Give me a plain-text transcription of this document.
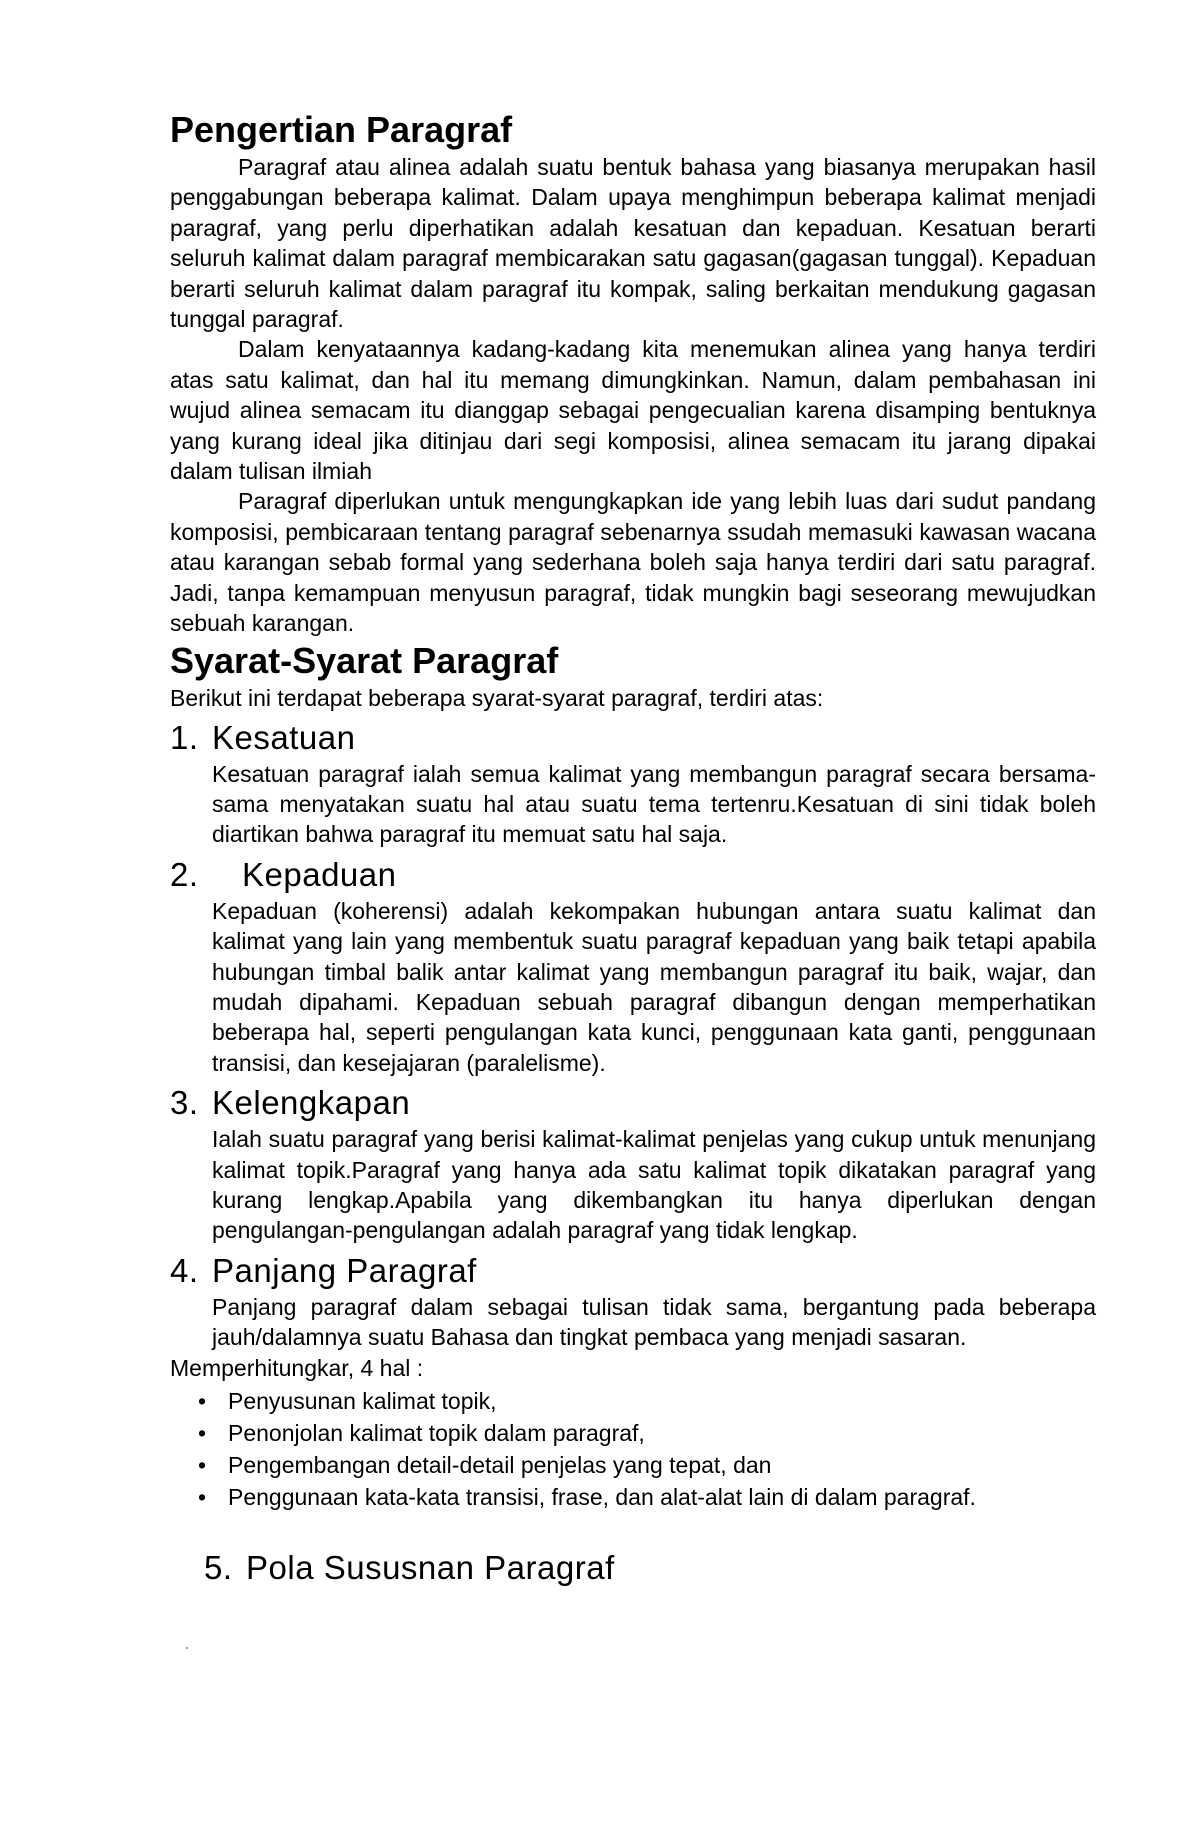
Pengertian Paragraf

Paragraf atau alinea adalah suatu bentuk bahasa yang biasanya merupakan hasil penggabungan beberapa kalimat. Dalam upaya menghimpun beberapa kalimat menjadi paragraf, yang perlu diperhatikan adalah kesatuan dan kepaduan. Kesatuan berarti seluruh kalimat dalam paragraf membicarakan satu gagasan(gagasan tunggal). Kepaduan berarti seluruh kalimat dalam paragraf itu kompak, saling berkaitan mendukung gagasan tunggal paragraf.

Dalam kenyataannya kadang-kadang kita menemukan alinea yang hanya terdiri atas satu kalimat, dan hal itu memang dimungkinkan. Namun, dalam pembahasan ini wujud alinea semacam itu dianggap sebagai pengecualian karena disamping bentuknya yang kurang ideal jika ditinjau dari segi komposisi, alinea semacam itu jarang dipakai dalam tulisan ilmiah

Paragraf diperlukan untuk mengungkapkan ide yang lebih luas dari sudut pandang komposisi, pembicaraan tentang paragraf sebenarnya ssudah memasuki kawasan wacana atau karangan sebab formal yang sederhana boleh saja hanya terdiri dari satu paragraf. Jadi, tanpa kemampuan menyusun paragraf, tidak mungkin bagi seseorang mewujudkan sebuah karangan.

Syarat-Syarat Paragraf

Berikut ini terdapat beberapa syarat-syarat paragraf, terdiri atas:

1. Kesatuan

Kesatuan paragraf ialah semua kalimat yang membangun paragraf secara bersama-sama menyatakan suatu hal atau suatu tema tertenru.Kesatuan di sini tidak boleh diartikan bahwa paragraf itu memuat satu hal saja.

2.	Kepaduan

Kepaduan (koherensi) adalah kekompakan hubungan antara suatu kalimat dan kalimat yang lain yang membentuk suatu paragraf kepaduan yang baik tetapi apabila hubungan timbal balik antar kalimat yang membangun paragraf itu baik, wajar, dan mudah dipahami. Kepaduan sebuah paragraf dibangun dengan memperhatikan beberapa hal, seperti pengulangan kata kunci, penggunaan kata ganti, penggunaan transisi, dan kesejajaran (paralelisme).

3. Kelengkapan

Ialah suatu paragraf yang berisi kalimat-kalimat penjelas yang cukup untuk menunjang kalimat topik.Paragraf yang hanya ada satu kalimat topik dikatakan paragraf yang kurang lengkap.Apabila yang dikembangkan itu hanya diperlukan dengan pengulangan-pengulangan adalah paragraf yang tidak lengkap.

4. Panjang Paragraf

Panjang paragraf dalam sebagai tulisan tidak sama, bergantung pada beberapa jauh/dalamnya suatu Bahasa dan tingkat pembaca yang menjadi sasaran.

Memperhitungkar, 4 hal :

• Penyusunan kalimat topik,
• Penonjolan kalimat topik dalam paragraf,
• Pengembangan detail-detail penjelas yang tepat, dan
• Penggunaan kata-kata transisi, frase, dan alat-alat lain di dalam paragraf.
5. Pola Sususnan Paragraf
